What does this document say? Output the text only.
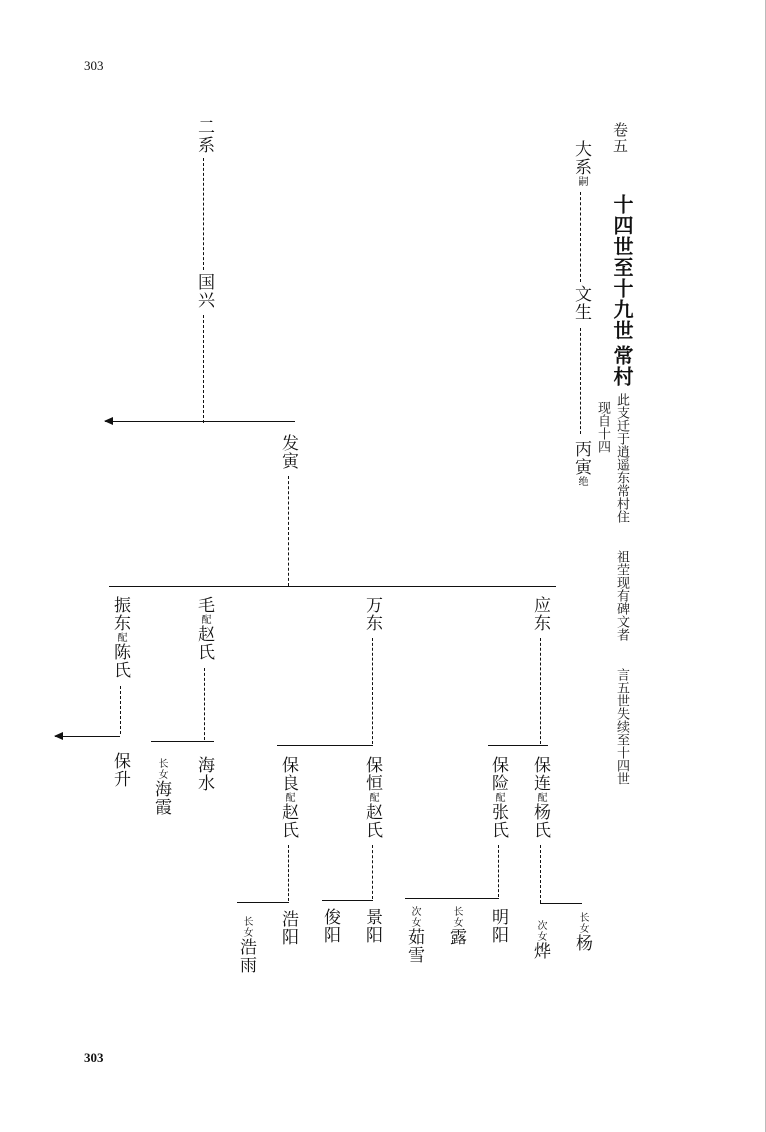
303
303
卷五
十四世至十九世
常村
此支迁于逍遥东常村住 祖茔现有碑文者 言五世失续至十四世 现自十四
大系嗣
文生
丙寅绝
二系
国兴
发寅
振东配陈氏
保升
毛配赵氏
海水
长女海霞
万东	应东
保良配赵氏
保恒配赵氏
保险配张氏
保连配杨氏
浩阳
长女浩雨
俊阳 景阳	明阳
次女茹雪
长女露	次女烨
长女杨
